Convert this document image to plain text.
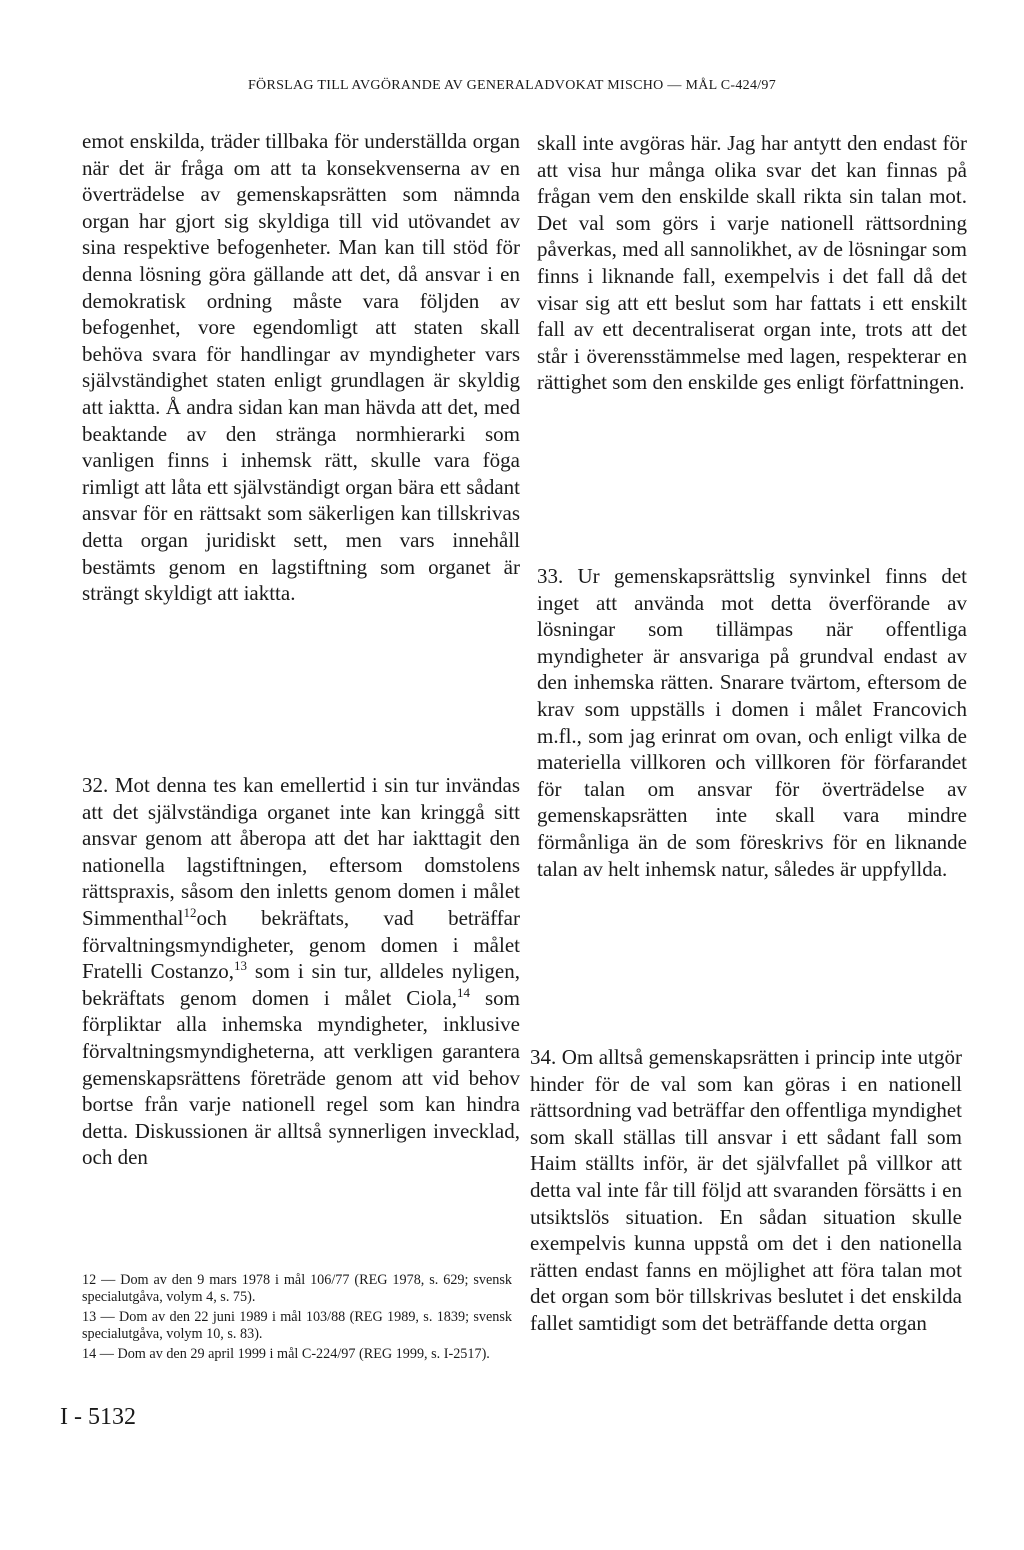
FÖRSLAG TILL AVGÖRANDE AV GENERALADVOKAT MISCHO — MÅL C-424/97

emot enskilda, träder tillbaka för underställda organ när det är fråga om att ta konsekvenserna av en överträdelse av gemenskapsrätten som nämnda organ har gjort sig skyldiga till vid utövandet av sina respektive befogenheter. Man kan till stöd för denna lösning göra gällande att det, då ansvar i en demokratisk ordning måste vara följden av befogenhet, vore egendomligt att staten skall behöva svara för handlingar av myndigheter vars självständighet staten enligt grundlagen är skyldig att iaktta. Å andra sidan kan man hävda att det, med beaktande av den stränga normhierarki som vanligen finns i inhemsk rätt, skulle vara föga rimligt att låta ett självständigt organ bära ett sådant ansvar för en rättsakt som säkerligen kan tillskrivas detta organ juridiskt sett, men vars innehåll bestämts genom en lagstiftning som organet är strängt skyldigt att iaktta.

32. Mot denna tes kan emellertid i sin tur invändas att det självständiga organet inte kan kringgå sitt ansvar genom att åberopa att det har iakttagit den nationella lagstiftningen, eftersom domstolens rättspraxis, såsom den inletts genom domen i målet Simmenthal$^{12}$och bekräftats, vad beträffar förvaltningsmyndigheter, genom domen i målet Fratelli Costanzo,$^{13}$ som i sin tur, alldeles nyligen, bekräftats genom domen i målet Ciola,$^{14}$ som förpliktar alla inhemska myndigheter, inklusive förvaltningsmyndigheterna, att verkligen garantera gemenskapsrättens företräde genom att vid behov bortse från varje nationell regel som kan hindra detta. Diskussionen är alltså synnerligen invecklad, och den

skall inte avgöras här. Jag har antytt den endast för att visa hur många olika svar det kan finnas på frågan vem den enskilde skall rikta sin talan mot. Det val som görs i varje nationell rättsordning påverkas, med all sannolikhet, av de lösningar som finns i liknande fall, exempelvis i det fall då det visar sig att ett beslut som har fattats i ett enskilt fall av ett decentraliserat organ inte, trots att det står i överensstämmelse med lagen, respekterar en rättighet som den enskilde ges enligt författningen.

33. Ur gemenskapsrättslig synvinkel finns det inget att använda mot detta överförande av lösningar som tillämpas när offentliga myndigheter är ansvariga på grundval endast av den inhemska rätten. Snarare tvärtom, eftersom de krav som uppställs i domen i målet Francovich m.fl., som jag erinrat om ovan, och enligt vilka de materiella villkoren och villkoren för förfarandet för talan om ansvar för överträdelse av gemenskapsrätten inte skall vara mindre förmånliga än de som föreskrivs för en liknande talan av helt inhemsk natur, således är uppfyllda.

34. Om alltså gemenskapsrätten i princip inte utgör hinder för de val som kan göras i en nationell rättsordning vad beträffar den offentliga myndighet som skall ställas till ansvar i ett sådant fall som Haim ställts inför, är det självfallet på villkor att detta val inte får till följd att svaranden försätts i en utsiktslös situation. En sådan situation skulle exempelvis kunna uppstå om det i den nationella rätten endast fanns en möjlighet att föra talan mot det organ som bör tillskrivas beslutet i det enskilda fallet samtidigt som det beträffande detta organ

12 — Dom av den 9 mars 1978 i mål 106/77 (REG 1978, s. 629; svensk specialutgåva, volym 4, s. 75).

13 — Dom av den 22 juni 1989 i mål 103/88 (REG 1989, s. 1839; svensk specialutgåva, volym 10, s. 83).

14 — Dom av den 29 april 1999 i mål C-224/97 (REG 1999, s. I-2517).

I - 5132
